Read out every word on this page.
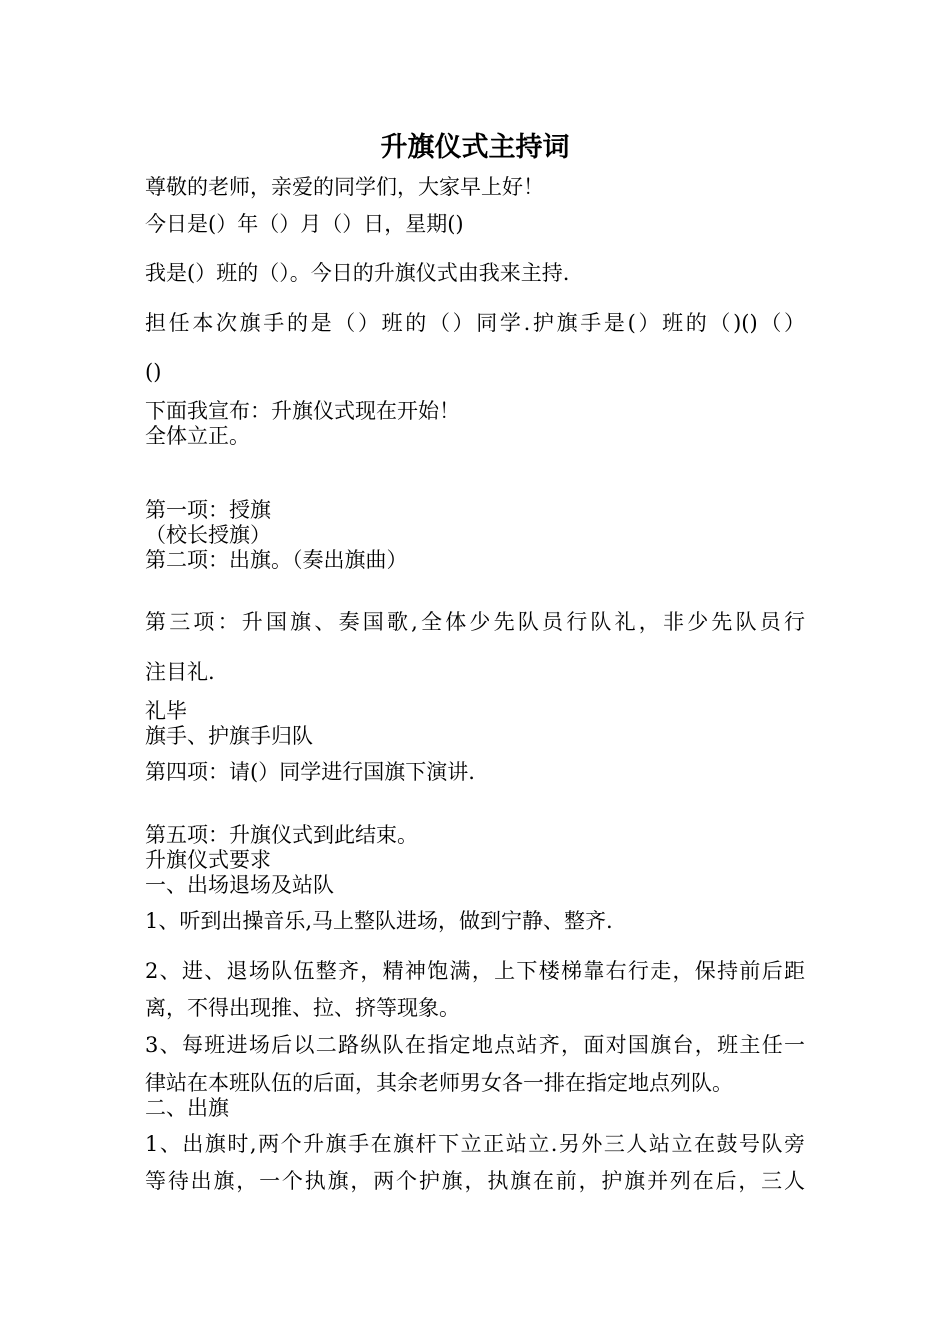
升旗仪式主持词

尊敬的老师，亲爱的同学们，大家早上好！

今日是(）年（）月（）日，星期()

我是(）班的（）。今日的升旗仪式由我来主持.

担任本次旗手的是（）班的（）同学.护旗手是(）班的（)()（）

()

下面我宣布：升旗仪式现在开始！

全体立正。

第一项：授旗

（校长授旗）

第二项：出旗。（奏出旗曲）

第三项：升国旗、奏国歌,全体少先队员行队礼，非少先队员行

注目礼.

礼毕

旗手、护旗手归队

第四项：请(）同学进行国旗下演讲.

第五项：升旗仪式到此结束。

升旗仪式要求

一、出场退场及站队

1、听到出操音乐,马上整队进场，做到宁静、整齐.

2、进、退场队伍整齐，精神饱满，上下楼梯靠右行走，保持前后距

离，不得出现推、拉、挤等现象。

3、每班进场后以二路纵队在指定地点站齐，面对国旗台，班主任一

律站在本班队伍的后面，其余老师男女各一排在指定地点列队。

二、出旗

1、出旗时,两个升旗手在旗杆下立正站立.另外三人站立在鼓号队旁

等待出旗，一个执旗，两个护旗，执旗在前，护旗并列在后，三人
